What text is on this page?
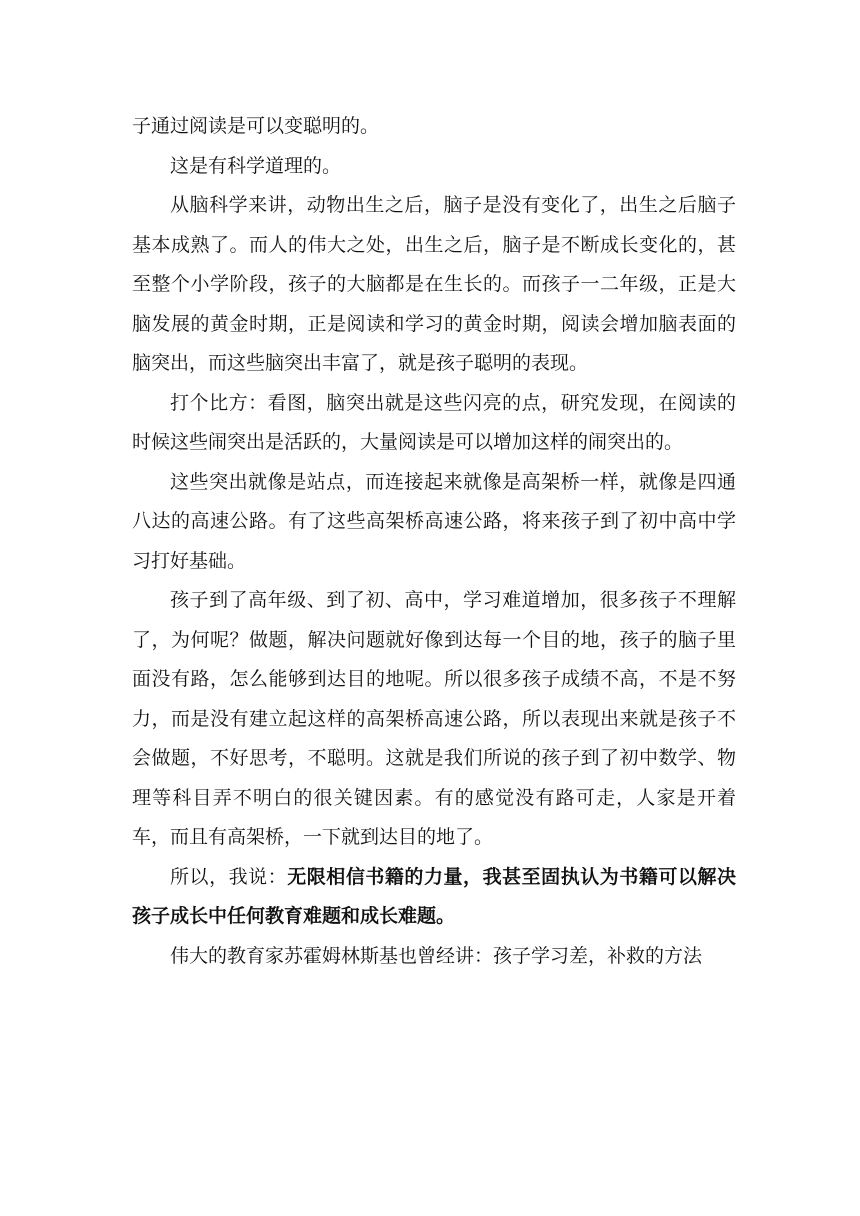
子通过阅读是可以变聪明的。

这是有科学道理的。

从脑科学来讲，动物出生之后，脑子是没有变化了，出生之后脑子基本成熟了。而人的伟大之处，出生之后，脑子是不断成长变化的，甚至整个小学阶段，孩子的大脑都是在生长的。而孩子一二年级，正是大脑发展的黄金时期，正是阅读和学习的黄金时期，阅读会增加脑表面的脑突出，而这些脑突出丰富了，就是孩子聪明的表现。

打个比方：看图，脑突出就是这些闪亮的点，研究发现，在阅读的时候这些闹突出是活跃的，大量阅读是可以增加这样的闹突出的。

这些突出就像是站点，而连接起来就像是高架桥一样，就像是四通八达的高速公路。有了这些高架桥高速公路，将来孩子到了初中高中学习打好基础。

孩子到了高年级、到了初、高中，学习难道增加，很多孩子不理解了，为何呢？做题，解决问题就好像到达每一个目的地，孩子的脑子里面没有路，怎么能够到达目的地呢。所以很多孩子成绩不高，不是不努力，而是没有建立起这样的高架桥高速公路，所以表现出来就是孩子不会做题，不好思考，不聪明。这就是我们所说的孩子到了初中数学、物理等科目弄不明白的很关键因素。有的感觉没有路可走，人家是开着车，而且有高架桥，一下就到达目的地了。

所以，我说：无限相信书籍的力量，我甚至固执认为书籍可以解决孩子成长中任何教育难题和成长难题。

伟大的教育家苏霍姆林斯基也曾经讲：孩子学习差，补救的方法
